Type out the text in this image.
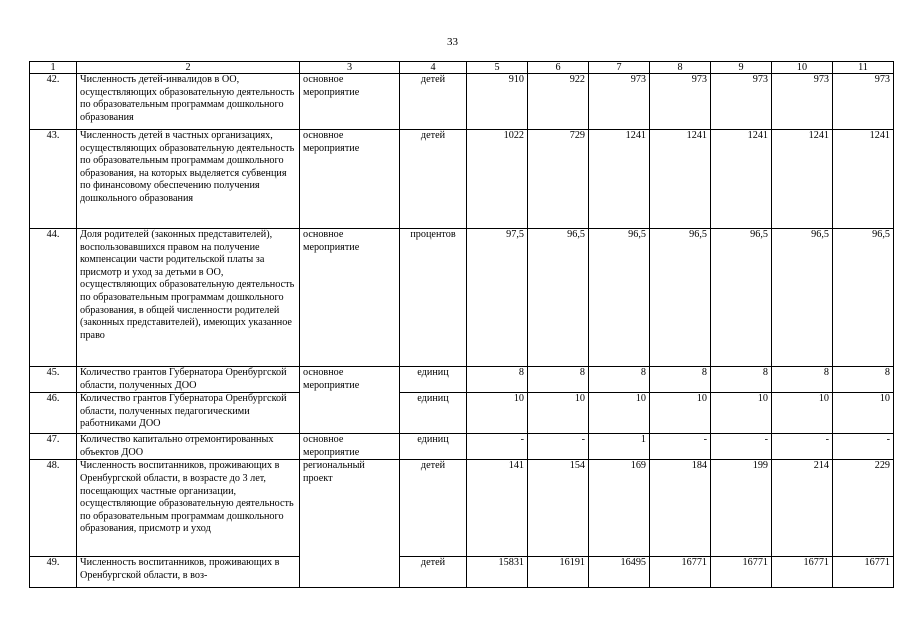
33
1	2	3	4	5	6	7	8	9	10	11
42.	Численность детей-инвалидов в ОО, осуществляющих образовательную деятельность по образовательным программам дошкольного образования	основное мероприятие	детей	910	922	973	973	973	973	973
43.	Численность детей в частных организациях, осуществляющих образовательную деятельность по образовательным программам дошкольного образования, на которых выделяется субвенция по финансовому обеспечению получения дошкольного образования	основное мероприятие	детей	1022	729	1241	1241	1241	1241	1241
44.	Доля родителей (законных представителей), воспользовавшихся правом на получение компенсации части родительской платы за присмотр и уход за детьми в ОО, осуществляющих образовательную деятельность по образовательным программам дошкольного образования, в общей численности родителей (законных представителей), имеющих указанное право	основное мероприятие	процентов	97,5	96,5	96,5	96,5	96,5	96,5	96,5
45.	Количество грантов Губернатора Оренбургской области, полученных ДОО	основное мероприятие	единиц	8	8	8	8	8	8	8
46.	Количество грантов Губернатора Оренбургской области, полученных педагогическими работниками ДОО		единиц	10	10	10	10	10	10	10
47.	Количество капитально отремонтированных объектов ДОО	основное мероприятие	единиц	-	-	1	-	-	-	-
48.	Численность воспитанников, проживающих в Оренбургской области, в возрасте до 3 лет, посещающих частные организации, осуществляющие образовательную деятельность по образовательным программам дошкольного образования, присмотр и уход	региональный проект	детей	141	154	169	184	199	214	229
49.	Численность воспитанников, проживающих в Оренбургской области, в воз-		детей	15831	16191	16495	16771	16771	16771	16771
